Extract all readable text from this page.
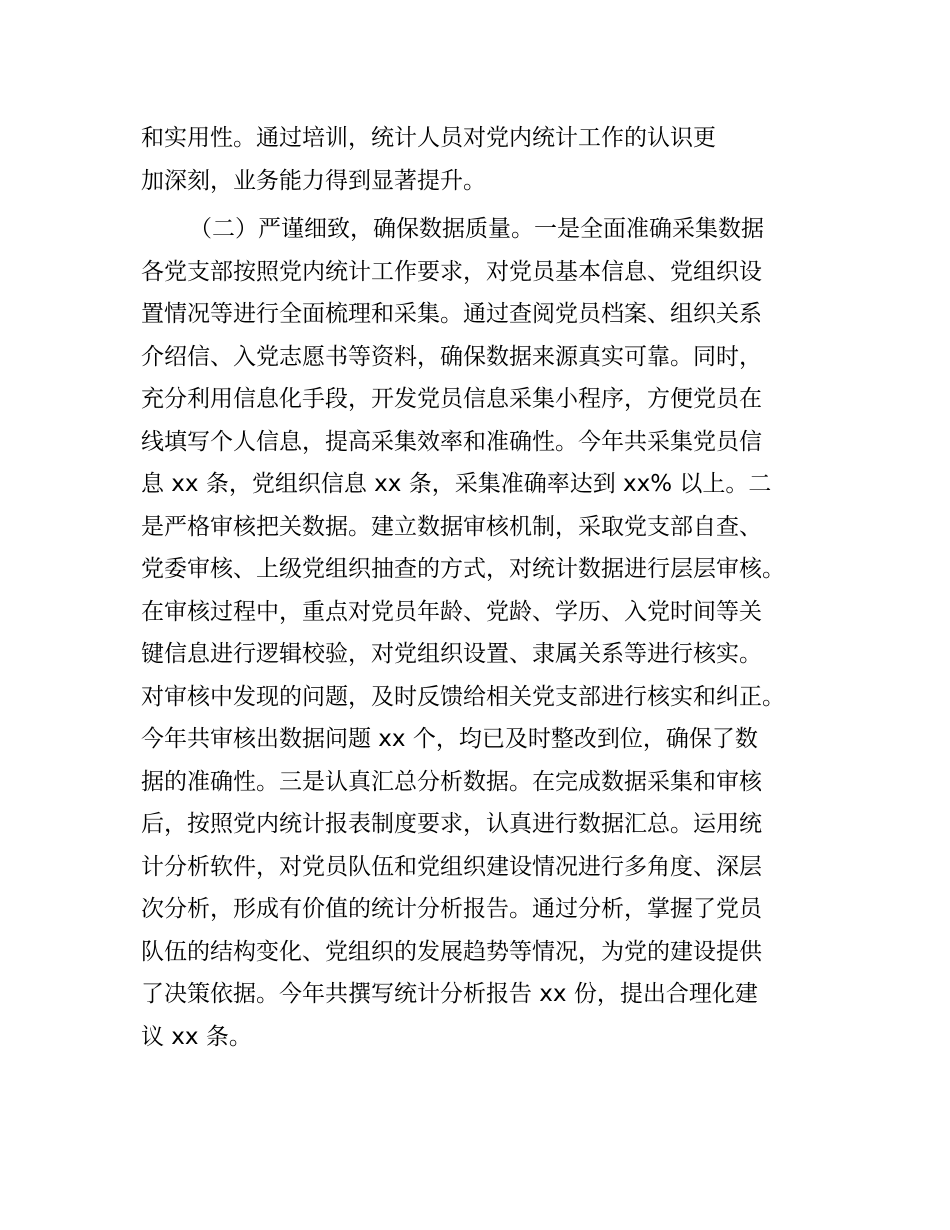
和实用性。通过培训，统计人员对党内统计工作的认识更
加深刻，业务能力得到显著提升。
（二）严谨细致，确保数据质量。一是全面准确采集数据
各党支部按照党内统计工作要求，对党员基本信息、党组织设
置情况等进行全面梳理和采集。通过查阅党员档案、组织关系
介绍信、入党志愿书等资料，确保数据来源真实可靠。同时，
充分利用信息化手段，开发党员信息采集小程序，方便党员在
线填写个人信息，提高采集效率和准确性。今年共采集党员信
息 xx 条，党组织信息 xx 条，采集准确率达到 xx% 以上。二
是严格审核把关数据。建立数据审核机制，采取党支部自查、
党委审核、上级党组织抽查的方式，对统计数据进行层层审核。
在审核过程中，重点对党员年龄、党龄、学历、入党时间等关
键信息进行逻辑校验，对党组织设置、隶属关系等进行核实。
对审核中发现的问题，及时反馈给相关党支部进行核实和纠正。
今年共审核出数据问题 xx 个，均已及时整改到位，确保了数
据的准确性。三是认真汇总分析数据。在完成数据采集和审核
后，按照党内统计报表制度要求，认真进行数据汇总。运用统
计分析软件，对党员队伍和党组织建设情况进行多角度、深层
次分析，形成有价值的统计分析报告。通过分析，掌握了党员
队伍的结构变化、党组织的发展趋势等情况，为党的建设提供
了决策依据。今年共撰写统计分析报告 xx 份，提出合理化建
议 xx 条。
